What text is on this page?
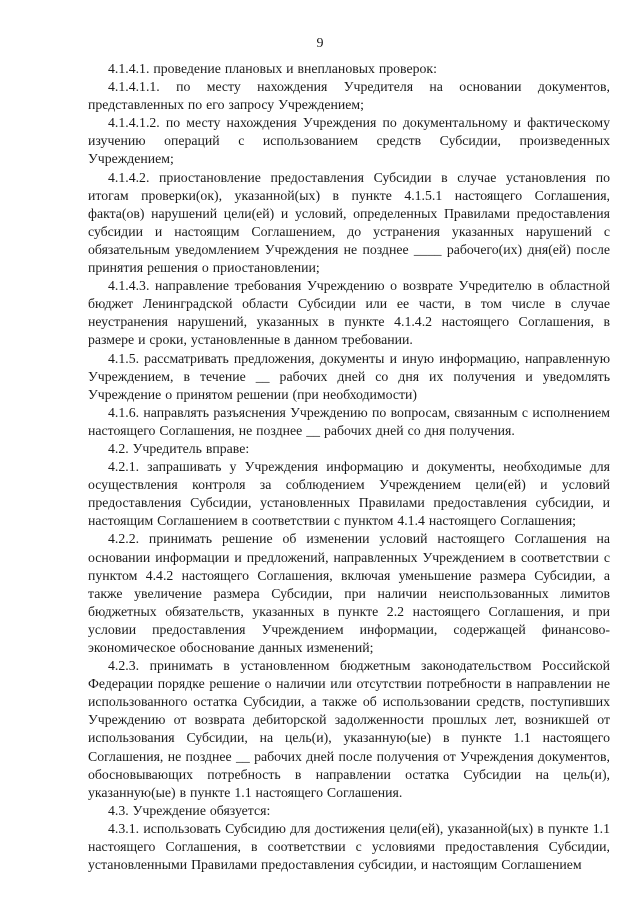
9

4.1.4.1. проведение плановых и внеплановых проверок:

4.1.4.1.1. по месту нахождения Учредителя на основании документов, представленных по его запросу Учреждением;

4.1.4.1.2. по месту нахождения Учреждения по документальному и фактическому изучению операций с использованием средств Субсидии, произведенных Учреждением;

4.1.4.2. приостановление предоставления Субсидии в случае установления по итогам проверки(ок), указанной(ых) в пункте 4.1.5.1 настоящего Соглашения, факта(ов) нарушений цели(ей) и условий, определенных Правилами предоставления субсидии и настоящим Соглашением, до устранения указанных нарушений с обязательным уведомлением Учреждения не позднее ____ рабочего(их) дня(ей) после принятия решения о приостановлении;

4.1.4.3. направление требования Учреждению о возврате Учредителю в областной бюджет Ленинградской области Субсидии или ее части, в том числе в случае неустранения нарушений, указанных в пункте 4.1.4.2 настоящего Соглашения, в размере и сроки, установленные в данном требовании.

4.1.5. рассматривать предложения, документы и иную информацию, направленную Учреждением, в течение __ рабочих дней со дня их получения и уведомлять Учреждение о принятом решении (при необходимости)

4.1.6. направлять разъяснения Учреждению по вопросам, связанным с исполнением настоящего Соглашения, не позднее __ рабочих дней со дня получения.

4.2. Учредитель вправе:

4.2.1. запрашивать у Учреждения информацию и документы, необходимые для осуществления контроля за соблюдением Учреждением цели(ей) и условий предоставления Субсидии, установленных Правилами предоставления субсидии, и настоящим Соглашением в соответствии с пунктом 4.1.4 настоящего Соглашения;

4.2.2. принимать решение об изменении условий настоящего Соглашения на основании информации и предложений, направленных Учреждением в соответствии с пунктом 4.4.2 настоящего Соглашения, включая уменьшение размера Субсидии, а также увеличение размера Субсидии, при наличии неиспользованных лимитов бюджетных обязательств, указанных в пункте 2.2 настоящего Соглашения, и при условии предоставления Учреждением информации, содержащей финансово-экономическое обоснование данных изменений;

4.2.3. принимать в установленном бюджетным законодательством Российской Федерации порядке решение о наличии или отсутствии потребности в направлении не использованного остатка Субсидии, а также об использовании средств, поступивших Учреждению от возврата дебиторской задолженности прошлых лет, возникшей от использования Субсидии, на цель(и), указанную(ые) в пункте 1.1 настоящего Соглашения, не позднее __ рабочих дней после получения от Учреждения документов, обосновывающих потребность в направлении остатка Субсидии на цель(и), указанную(ые) в пункте 1.1 настоящего Соглашения.

4.3. Учреждение обязуется:

4.3.1. использовать Субсидию для достижения цели(ей), указанной(ых) в пункте 1.1 настоящего Соглашения, в соответствии с условиями предоставления Субсидии, установленными Правилами предоставления субсидии, и настоящим Соглашением
